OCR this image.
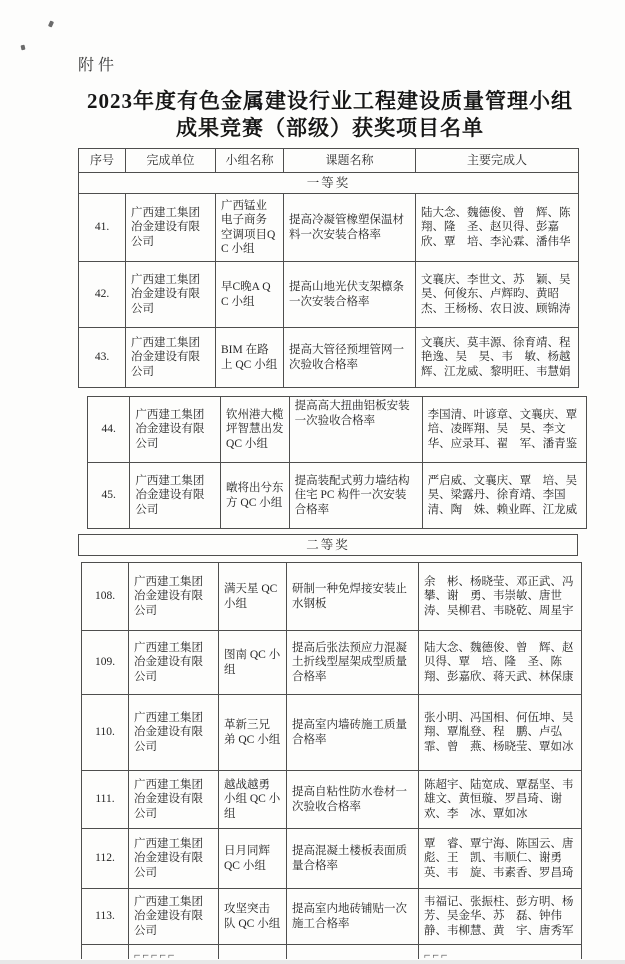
附件
2023年度有色金属建设行业工程建设质量管理小组
成果竞赛（部级）获奖项目名单
序号	完成单位	小组名称	课题名称	主要完成人
一等奖				
41.	广西建工集团冶金建设有限公司	广西锰业电子商务空调项目QC 小组	提高冷凝管橡塑保温材料一次安装合格率	陆大念、魏德俊、曾　辉、陈　翔、隆　圣、赵贝得、彭嘉欣、覃　培、李沁霖、潘伟华
42.	广西建工集团冶金建设有限公司	早C晚A QC 小组	提高山地光伏支架檩条一次安装合格率	文襄庆、李世文、苏　颖、吴　昊、何俊东、卢辉昀、黄昭杰、王杨杨、农日波、顾锦涛
43.	广西建工集团冶金建设有限公司	BIM 在路上 QC 小组	提高大管径预埋管网一次验收合格率	文襄庆、莫丰源、徐育靖、程艳逸、吴　昊、韦　敏、杨越辉、江龙威、黎明旺、韦慧娟
44.	广西建工集团冶金建设有限公司	钦州港大榄坪智慧出发 QC 小组	提高高大扭曲铝板安装一次验收合格率	李国清、叶谚章、文襄庆、覃　培、凌晖翔、吴　昊、李文华、应录耳、翟　军、潘青鉴
45.	广西建工集团冶金建设有限公司	暾将出兮东方 QC 小组	提高装配式剪力墙结构住宅 PC 构件一次安装合格率	严启威、文襄庆、覃　培、吴　昊、梁露丹、徐育靖、李国清、陶　姝、赖业晖、江龙威
二等奖
108.	广西建工集团冶金建设有限公司	满天星 QC 小组	研制一种免焊接安装止水钢板	余　彬、杨晓莹、邓正武、冯　攀、谢　勇、韦崇敏、唐世涛、吴柳君、韦晓乾、周星宇
109.	广西建工集团冶金建设有限公司	图南 QC 小组	提高后张法预应力混凝土折线型屋架成型质量合格率	陆大念、魏德俊、曾　辉、赵贝得、覃　培、隆　圣、陈　翔、彭嘉欣、蒋天武、林保康
110.	广西建工集团冶金建设有限公司	革新三兄弟 QC 小组	提高室内墙砖施工质量合格率	张小明、冯国相、何伍坤、吴　翔、覃胤登、程　鹏、卢弘霏、曾　燕、杨晓莹、覃如冰
111.	广西建工集团冶金建设有限公司	越战越勇小组 QC 小组	提高自粘性防水卷材一次验收合格率	陈超宇、陆宽成、覃磊坚、韦雄文、黄恒璇、罗昌琦、谢　欢、李　冰、覃如冰
112.	广西建工集团冶金建设有限公司	日月同辉 QC 小组	提高混凝土楼板表面质量合格率	覃　睿、覃宁海、陈国云、唐　彪、王　凯、韦顺仁、谢勇英、韦　旋、韦素香、罗昌琦
113.	广西建工集团冶金建设有限公司	攻坚突击队 QC 小组	提高室内地砖铺贴一次施工合格率	韦福记、张振柱、彭方明、杨　芳、吴金华、苏　磊、钟伟静、韦柳慧、黄　宇、唐秀军

	⌐⌐⌐⌐⌐			⌐⌐⌐
